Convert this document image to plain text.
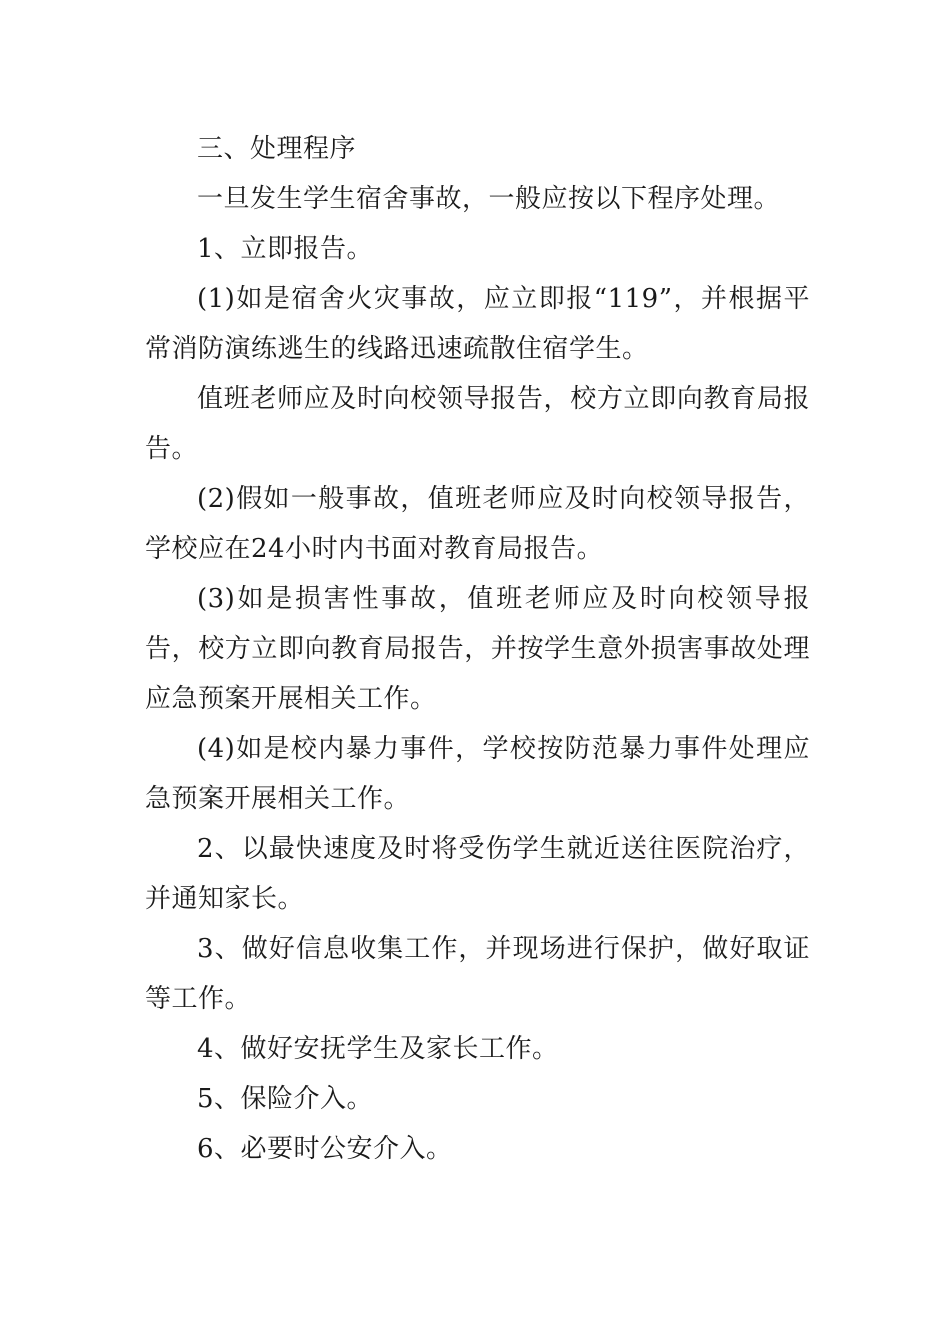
三、处理程序

一旦发生学生宿舍事故，一般应按以下程序处理。

1、立即报告。

(1)如是宿舍火灾事故，应立即报“119”，并根据平常消防演练逃生的线路迅速疏散住宿学生。

值班老师应及时向校领导报告，校方立即向教育局报告。

(2)假如一般事故，值班老师应及时向校领导报告，学校应在24小时内书面对教育局报告。

(3)如是损害性事故，值班老师应及时向校领导报告，校方立即向教育局报告，并按学生意外损害事故处理应急预案开展相关工作。

(4)如是校内暴力事件，学校按防范暴力事件处理应急预案开展相关工作。

2、以最快速度及时将受伤学生就近送往医院治疗，并通知家长。

3、做好信息收集工作，并现场进行保护，做好取证等工作。

4、做好安抚学生及家长工作。

5、保险介入。

6、必要时公安介入。
